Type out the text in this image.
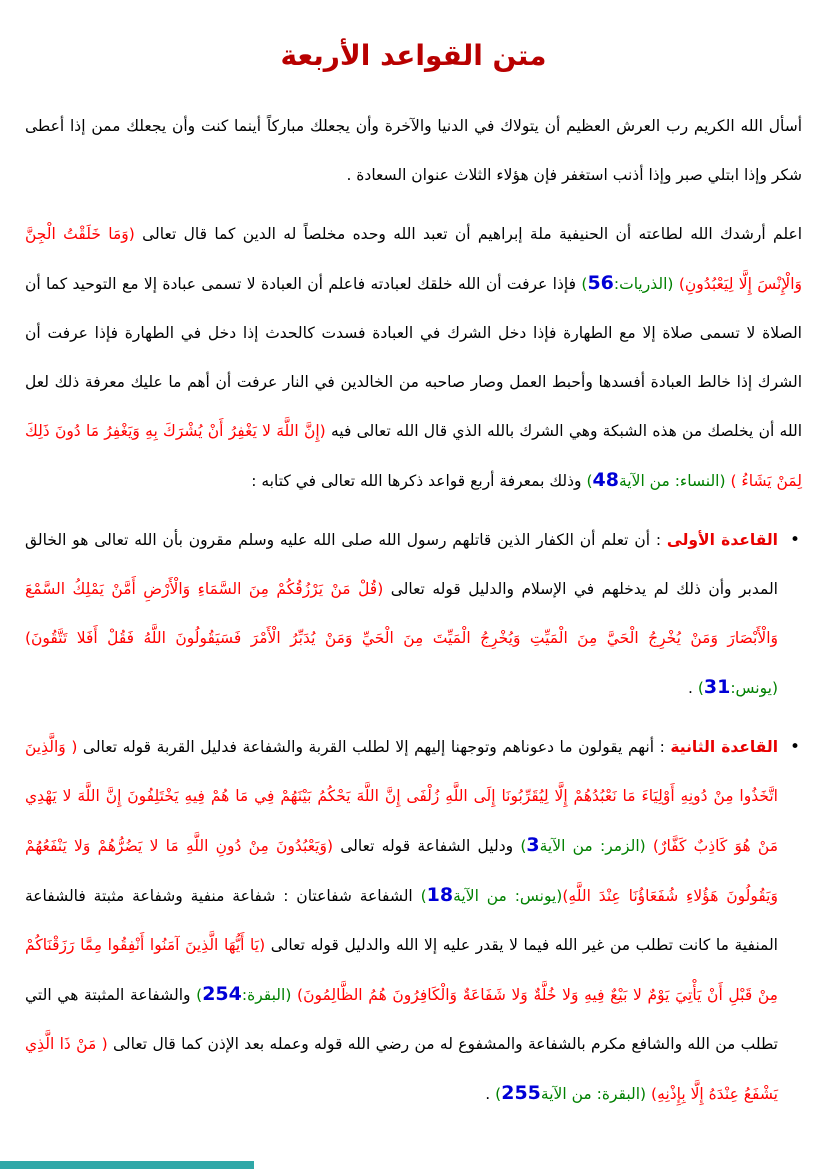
متن القواعد الأربعة

أسأل الله الكريم رب العرش العظيم أن يتولاك في الدنيا والآخرة وأن يجعلك مباركاً أينما كنت وأن يجعلك ممن إذا أعطى شكر وإذا ابتلي صبر وإذا أذنب استغفر فإن هؤلاء الثلاث عنوان السعادة .

اعلم أرشدك الله لطاعته أن الحنيفية ملة إبراهيم أن تعبد الله وحده مخلصاً له الدين كما قال تعالى (وَمَا خَلَقْتُ الْجِنَّ وَالْإِنْسَ إِلَّا لِيَعْبُدُونِ) (الذريات:56) فإذا عرفت أن الله خلقك لعبادته فاعلم أن العبادة لا تسمى عبادة إلا مع التوحيد كما أن الصلاة لا تسمى صلاة إلا مع الطهارة فإذا دخل الشرك في العبادة فسدت كالحدث إذا دخل في الطهارة فإذا عرفت أن الشرك إذا خالط العبادة أفسدها وأحبط العمل وصار صاحبه من الخالدين في النار عرفت أن أهم ما عليك معرفة ذلك لعل الله أن يخلصك من هذه الشبكة وهي الشرك بالله الذي قال الله تعالى فيه (إِنَّ اللَّهَ لا يَغْفِرُ أَنْ يُشْرَكَ بِهِ وَيَغْفِرُ مَا دُونَ ذَلِكَ لِمَنْ يَشَاءُ ) (النساء: من الآية48) وذلك بمعرفة أربع قواعد ذكرها الله تعالى في كتابه :

•
القاعدة الأولى : أن تعلم أن الكفار الذين قاتلهم رسول الله صلى الله عليه وسلم مقرون بأن الله تعالى هو الخالق المدبر وأن ذلك لم يدخلهم في الإسلام والدليل قوله تعالى (قُلْ مَنْ يَرْزُقُكُمْ مِنَ السَّمَاءِ وَالْأَرْضِ أَمَّنْ يَمْلِكُ السَّمْعَ وَالْأَبْصَارَ وَمَنْ يُخْرِجُ الْحَيَّ مِنَ الْمَيِّتِ وَيُخْرِجُ الْمَيِّتَ مِنَ الْحَيِّ وَمَنْ يُدَبِّرُ الْأَمْرَ فَسَيَقُولُونَ اللَّهُ فَقُلْ أَفَلا تَتَّقُونَ) (يونس:31) .
•
القاعدة الثانية : أنهم يقولون ما دعوناهم وتوجهنا إليهم إلا لطلب القربة والشفاعة فدليل القربة قوله تعالى ( وَالَّذِينَ اتَّخَذُوا مِنْ دُونِهِ أَوْلِيَاءَ مَا نَعْبُدُهُمْ إِلَّا لِيُقَرِّبُونَا إِلَى اللَّهِ زُلْفَى إِنَّ اللَّهَ يَحْكُمُ بَيْنَهُمْ فِي مَا هُمْ فِيهِ يَخْتَلِفُونَ إِنَّ اللَّهَ لا يَهْدِي مَنْ هُوَ كَاذِبٌ كَفَّارٌ) (الزمر: من الآية3) ودليل الشفاعة قوله تعالى (وَيَعْبُدُونَ مِنْ دُونِ اللَّهِ مَا لا يَضُرُّهُمْ وَلا يَنْفَعُهُمْ وَيَقُولُونَ هَؤُلاءِ شُفَعَاؤُنَا عِنْدَ اللَّهِ)(يونس: من الآية18) الشفاعة شفاعتان : شفاعة منفية وشفاعة مثبتة فالشفاعة المنفية ما كانت تطلب من غير الله فيما لا يقدر عليه إلا الله والدليل قوله تعالى (يَا أَيُّهَا الَّذِينَ آمَنُوا أَنْفِقُوا مِمَّا رَزَقْنَاكُمْ مِنْ قَبْلِ أَنْ يَأْتِيَ يَوْمٌ لا بَيْعٌ فِيهِ وَلا خُلَّةٌ وَلا شَفَاعَةٌ وَالْكَافِرُونَ هُمُ الظَّالِمُونَ) (البقرة:254) والشفاعة المثبتة هي التي تطلب من الله والشافع مكرم بالشفاعة والمشفوع له من رضي الله قوله وعمله بعد الإذن كما قال تعالى ( مَنْ ذَا الَّذِي يَشْفَعُ عِنْدَهُ إِلَّا بِإِذْنِهِ) (البقرة: من الآية255) .
